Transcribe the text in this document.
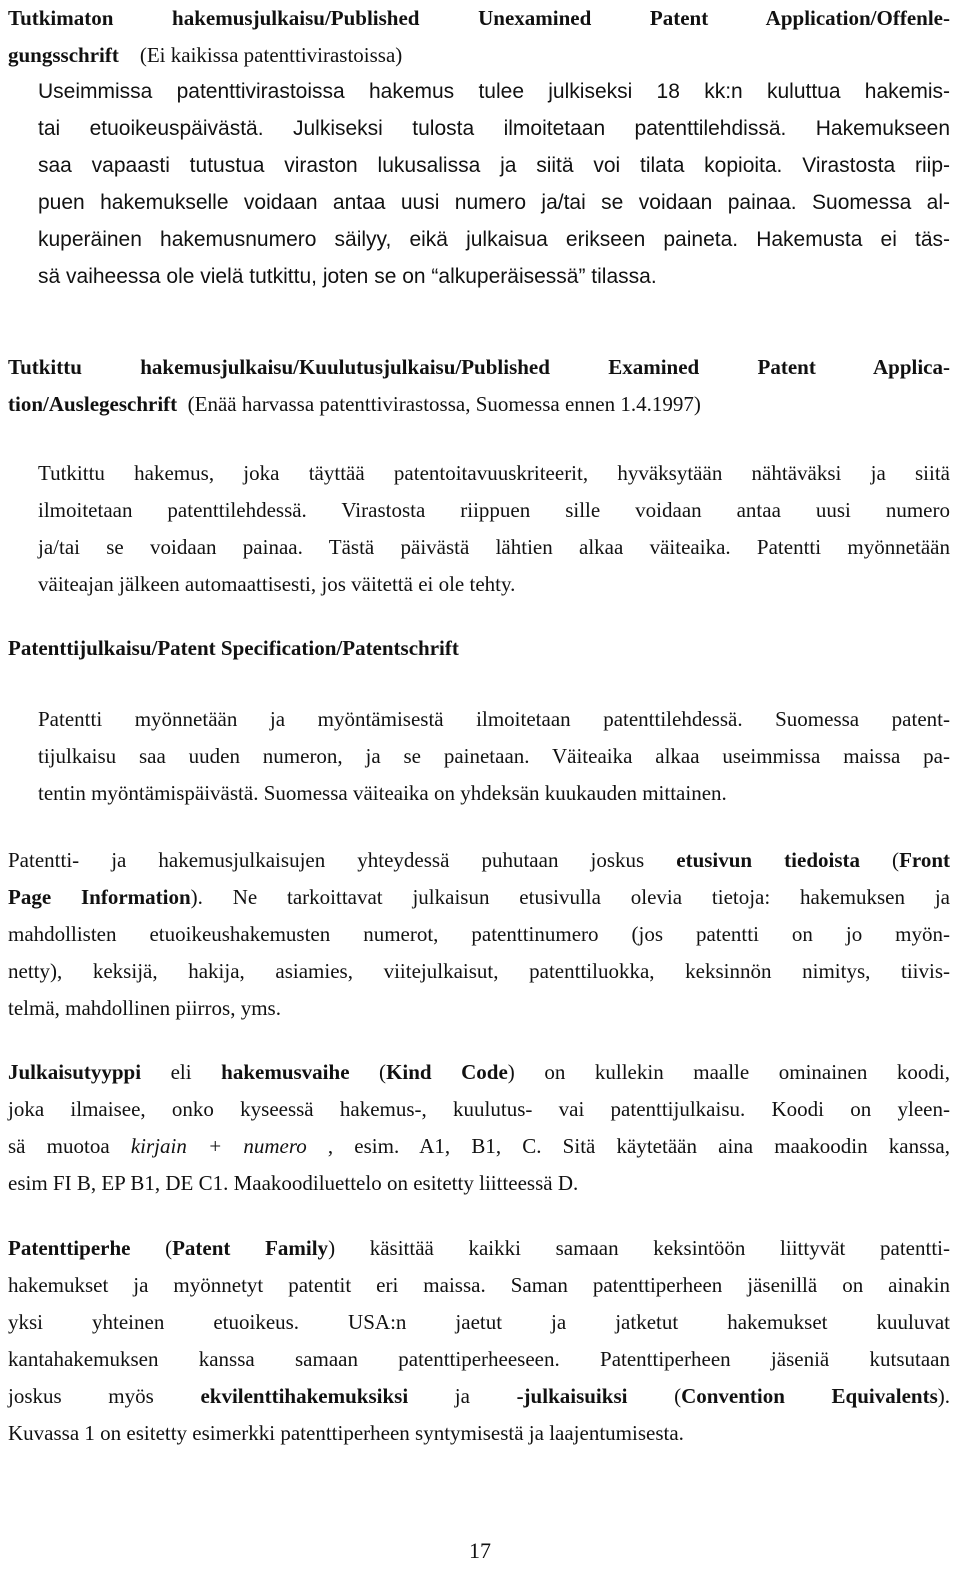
Tutkimaton hakemusjulkaisu/Published Unexamined Patent Application/Offenle-
gungsschrift (Ei kaikissa patenttivirastoissa)
Useimmissa patenttivirastoissa hakemus tulee julkiseksi 18 kk:n kuluttua hakemis-
tai etuoikeuspäivästä. Julkiseksi tulosta ilmoitetaan patenttilehdissä. Hakemukseen
saa vapaasti tutustua viraston lukusalissa ja siitä voi tilata kopioita. Virastosta riip-
puen hakemukselle voidaan antaa uusi numero ja/tai se voidaan painaa. Suomessa al-
kuperäinen hakemusnumero säilyy, eikä julkaisua erikseen paineta. Hakemusta ei täs-
sä vaiheessa ole vielä tutkittu, joten se on “alkuperäisessä” tilassa.
Tutkittu hakemusjulkaisu/Kuulutusjulkaisu/Published Examined Patent Applica-
tion/Auslegeschrift (Enää harvassa patenttivirastossa, Suomessa ennen 1.4.1997)
Tutkittu hakemus, joka täyttää patentoitavuuskriteerit, hyväksytään nähtäväksi ja siitä
ilmoitetaan patenttilehdessä. Virastosta riippuen sille voidaan antaa uusi numero
ja/tai se voidaan painaa. Tästä päivästä lähtien alkaa väiteaika. Patentti myönnetään
väiteajan jälkeen automaattisesti, jos väitettä ei ole tehty.
Patenttijulkaisu/Patent Specification/Patentschrift
Patentti myönnetään ja myöntämisestä ilmoitetaan patenttilehdessä. Suomessa patent-
tijulkaisu saa uuden numeron, ja se painetaan. Väiteaika alkaa useimmissa maissa pa-
tentin myöntämispäivästä. Suomessa väiteaika on yhdeksän kuukauden mittainen.
Patentti- ja hakemusjulkaisujen yhteydessä puhutaan joskus etusivun tiedoista (Front
Page Information). Ne tarkoittavat julkaisun etusivulla olevia tietoja: hakemuksen ja
mahdollisten etuoikeushakemusten numerot, patenttinumero (jos patentti on jo myön-
netty), keksijä, hakija, asiamies, viitejulkaisut, patenttiluokka, keksinnön nimitys, tiivis-
telmä, mahdollinen piirros, yms.
Julkaisutyyppi eli hakemusvaihe (Kind Code) on kullekin maalle ominainen koodi,
joka ilmaisee, onko kyseessä hakemus-, kuulutus- vai patenttijulkaisu. Koodi on yleen-
sä muotoa kirjain + numero , esim. A1, B1, C. Sitä käytetään aina maakoodin kanssa,
esim FI B, EP B1, DE C1. Maakoodiluettelo on esitetty liitteessä D.
Patenttiperhe (Patent Family) käsittää kaikki samaan keksintöön liittyvät patentti-
hakemukset ja myönnetyt patentit eri maissa. Saman patenttiperheen jäsenillä on ainakin
yksi yhteinen etuoikeus. USA:n jaetut ja jatketut hakemukset kuuluvat
kantahakemuksen kanssa samaan patenttiperheeseen. Patenttiperheen jäseniä kutsutaan
joskus myös ekvilenttihakemuksiksi ja -julkaisuiksi (Convention Equivalents).
Kuvassa 1 on esitetty esimerkki patenttiperheen syntymisestä ja laajentumisesta.
17
